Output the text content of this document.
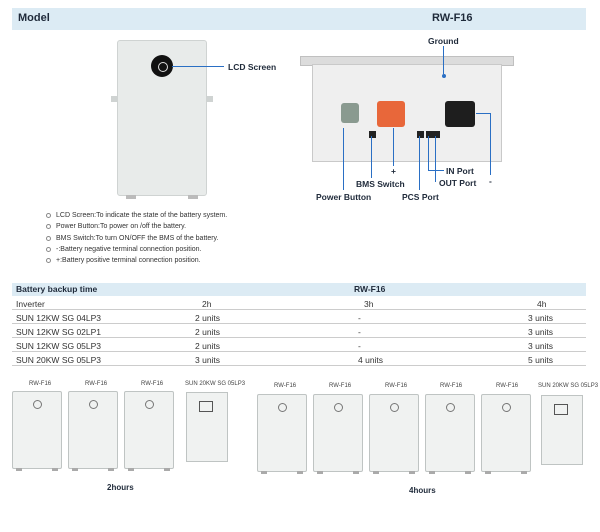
Model	RW-F16
LCD Screen
Ground
Power Button
BMS Switch
+
PCS Port
IN Port
OUT Port -
LCD Screen:To indicate the state of the battery system.
Power Button:To power on /off the battery.
BMS Switch:To turn ON/OFF the BMS of the battery.
-:Battery negative terminal connection position.
+:Battery positive terminal connection position.
Battery backup time	RW-F16
Inverter	2h	3h	4h
SUN 12KW SG 04LP3	2 units	-	3 units
SUN 12KW SG 02LP1	2 units	-	3 units
SUN 12KW SG 05LP3	2 units	-	3 units
SUN 20KW SG 05LP3	3 units	4 units	5 units
RW-F16	RW-F16	RW-F16	SUN 20KW SG 05LP3
2hours
RW-F16	RW-F16	RW-F16	RW-F16	RW-F16	SUN 20KW SG 05LP3
4hours
